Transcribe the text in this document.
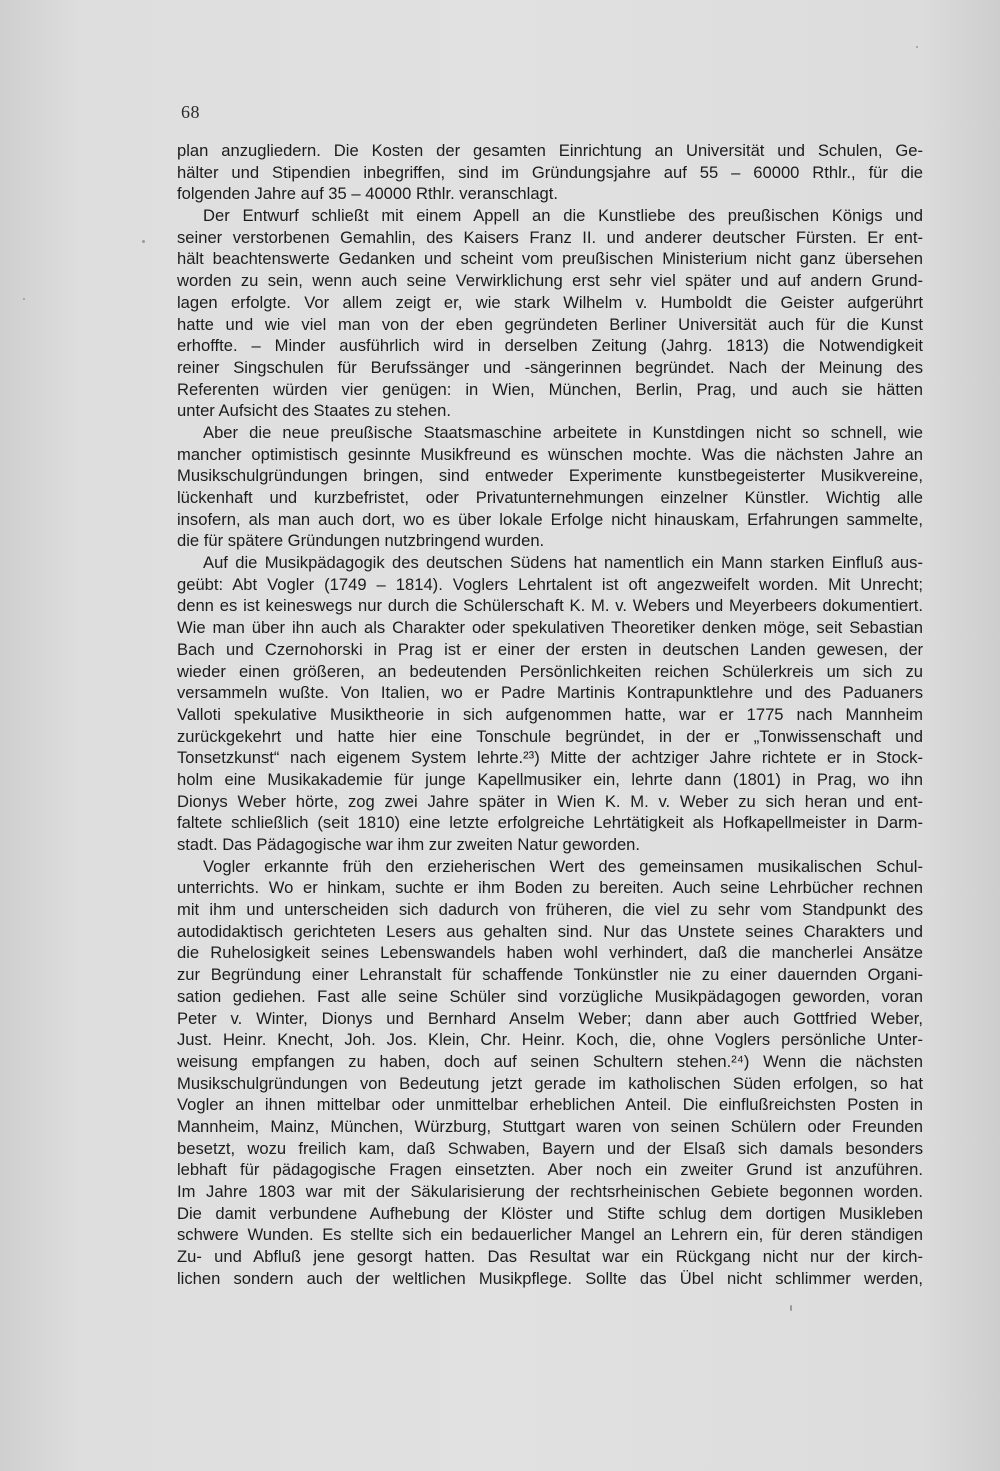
68
plan anzugliedern. Die Kosten der gesamten Einrichtung an Universität und Schulen, Ge-
hälter und Stipendien inbegriffen, sind im Gründungsjahre auf 55 – 60000 Rthlr., für die
folgenden Jahre auf 35 – 40000 Rthlr. veranschlagt.
Der Entwurf schließt mit einem Appell an die Kunstliebe des preußischen Königs und
seiner verstorbenen Gemahlin, des Kaisers Franz II. und anderer deutscher Fürsten. Er ent-
hält beachtenswerte Gedanken und scheint vom preußischen Ministerium nicht ganz übersehen
worden zu sein, wenn auch seine Verwirklichung erst sehr viel später und auf andern Grund-
lagen erfolgte. Vor allem zeigt er, wie stark Wilhelm v. Humboldt die Geister aufgerührt
hatte und wie viel man von der eben gegründeten Berliner Universität auch für die Kunst
erhoffte. – Minder ausführlich wird in derselben Zeitung (Jahrg. 1813) die Notwendigkeit
reiner Singschulen für Berufssänger und -sängerinnen begründet. Nach der Meinung des
Referenten würden vier genügen: in Wien, München, Berlin, Prag, und auch sie hätten
unter Aufsicht des Staates zu stehen.
Aber die neue preußische Staatsmaschine arbeitete in Kunstdingen nicht so schnell, wie
mancher optimistisch gesinnte Musikfreund es wünschen mochte. Was die nächsten Jahre an
Musikschulgründungen bringen, sind entweder Experimente kunstbegeisterter Musikvereine,
lückenhaft und kurzbefristet, oder Privatunternehmungen einzelner Künstler. Wichtig alle
insofern, als man auch dort, wo es über lokale Erfolge nicht hinauskam, Erfahrungen sammelte,
die für spätere Gründungen nutzbringend wurden.
Auf die Musikpädagogik des deutschen Südens hat namentlich ein Mann starken Einfluß aus-
geübt: Abt Vogler (1749 – 1814). Voglers Lehrtalent ist oft angezweifelt worden. Mit Unrecht;
denn es ist keineswegs nur durch die Schülerschaft K. M. v. Webers und Meyerbeers dokumentiert.
Wie man über ihn auch als Charakter oder spekulativen Theoretiker denken möge, seit Sebastian
Bach und Czernohorski in Prag ist er einer der ersten in deutschen Landen gewesen, der
wieder einen größeren, an bedeutenden Persönlichkeiten reichen Schülerkreis um sich zu
versammeln wußte. Von Italien, wo er Padre Martinis Kontrapunktlehre und des Paduaners
Valloti spekulative Musiktheorie in sich aufgenommen hatte, war er 1775 nach Mannheim
zurückgekehrt und hatte hier eine Tonschule begründet, in der er „Tonwissenschaft und
Tonsetzkunst“ nach eigenem System lehrte.²³) Mitte der achtziger Jahre richtete er in Stock-
holm eine Musikakademie für junge Kapellmusiker ein, lehrte dann (1801) in Prag, wo ihn
Dionys Weber hörte, zog zwei Jahre später in Wien K. M. v. Weber zu sich heran und ent-
faltete schließlich (seit 1810) eine letzte erfolgreiche Lehrtätigkeit als Hofkapellmeister in Darm-
stadt. Das Pädagogische war ihm zur zweiten Natur geworden.
Vogler erkannte früh den erzieherischen Wert des gemeinsamen musikalischen Schul-
unterrichts. Wo er hinkam, suchte er ihm Boden zu bereiten. Auch seine Lehrbücher rechnen
mit ihm und unterscheiden sich dadurch von früheren, die viel zu sehr vom Standpunkt des
autodidaktisch gerichteten Lesers aus gehalten sind. Nur das Unstete seines Charakters und
die Ruhelosigkeit seines Lebenswandels haben wohl verhindert, daß die mancherlei Ansätze
zur Begründung einer Lehranstalt für schaffende Tonkünstler nie zu einer dauernden Organi-
sation gediehen. Fast alle seine Schüler sind vorzügliche Musikpädagogen geworden, voran
Peter v. Winter, Dionys und Bernhard Anselm Weber; dann aber auch Gottfried Weber,
Just. Heinr. Knecht, Joh. Jos. Klein, Chr. Heinr. Koch, die, ohne Voglers persönliche Unter-
weisung empfangen zu haben, doch auf seinen Schultern stehen.²⁴) Wenn die nächsten
Musikschulgründungen von Bedeutung jetzt gerade im katholischen Süden erfolgen, so hat
Vogler an ihnen mittelbar oder unmittelbar erheblichen Anteil. Die einflußreichsten Posten in
Mannheim, Mainz, München, Würzburg, Stuttgart waren von seinen Schülern oder Freunden
besetzt, wozu freilich kam, daß Schwaben, Bayern und der Elsaß sich damals besonders
lebhaft für pädagogische Fragen einsetzten. Aber noch ein zweiter Grund ist anzuführen.
Im Jahre 1803 war mit der Säkularisierung der rechtsrheinischen Gebiete begonnen worden.
Die damit verbundene Aufhebung der Klöster und Stifte schlug dem dortigen Musikleben
schwere Wunden. Es stellte sich ein bedauerlicher Mangel an Lehrern ein, für deren ständigen
Zu- und Abfluß jene gesorgt hatten. Das Resultat war ein Rückgang nicht nur der kirch-
lichen sondern auch der weltlichen Musikpflege. Sollte das Übel nicht schlimmer werden,
